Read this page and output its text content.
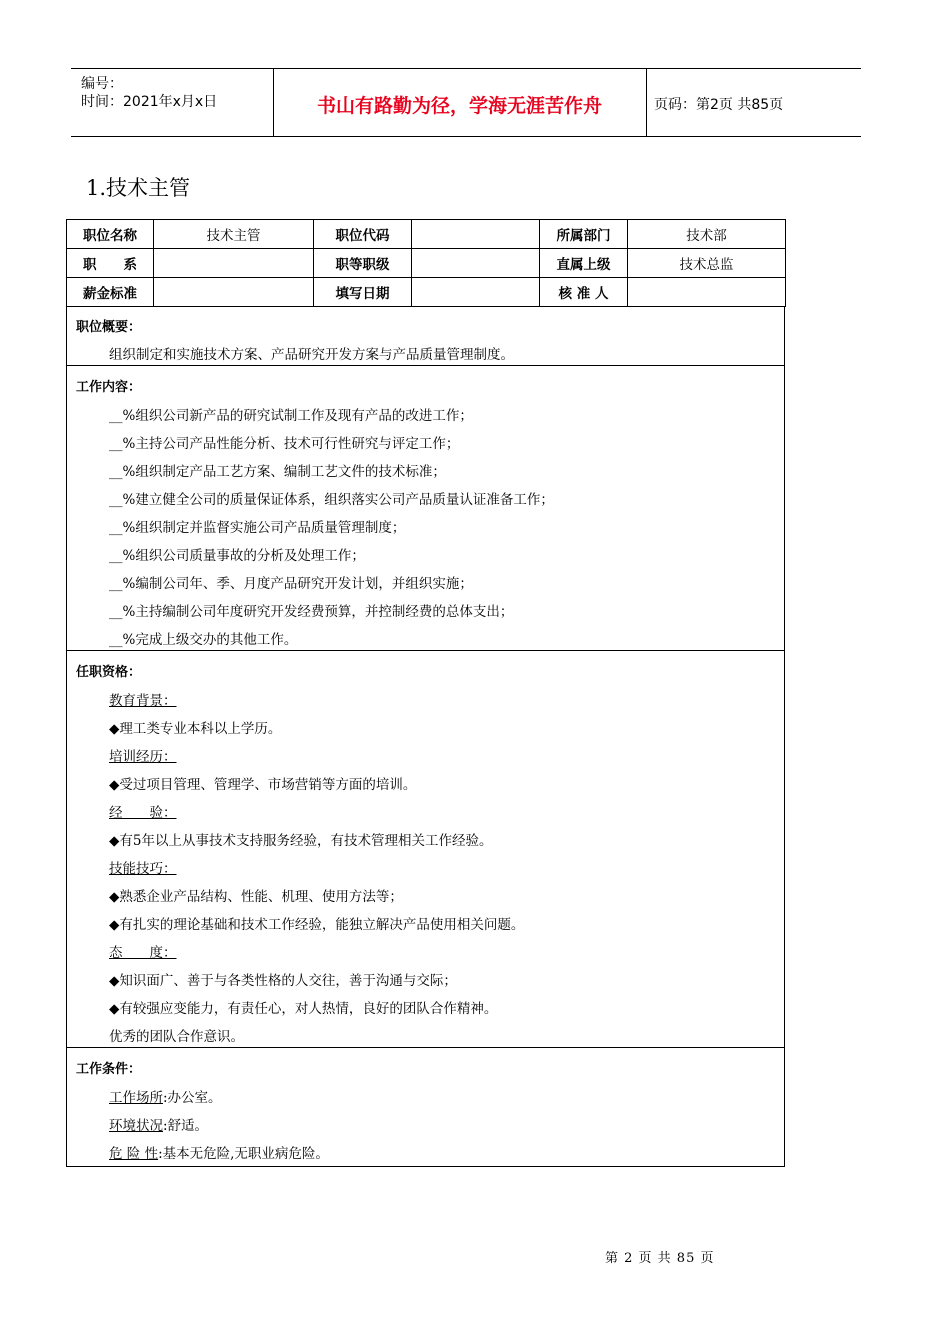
编号：
时间：2021年x月x日	书山有路勤为径，学海无涯苦作舟	页码：第2页 共85页
1.技术主管
职位名称	技术主管	职位代码		所属部门	技术部
职　　系		职等职级		直属上级	技术总监
薪金标准		填写日期		核 准 人	
职位概要：
组织制定和实施技术方案、产品研究开发方案与产品质量管理制度。
工作内容：
__%组织公司新产品的研究试制工作及现有产品的改进工作；
__%主持公司产品性能分析、技术可行性研究与评定工作；
__%组织制定产品工艺方案、编制工艺文件的技术标准；
__%建立健全公司的质量保证体系，组织落实公司产品质量认证准备工作；
__%组织制定并监督实施公司产品质量管理制度；
__%组织公司质量事故的分析及处理工作；
__%编制公司年、季、月度产品研究开发计划，并组织实施；
__%主持编制公司年度研究开发经费预算，并控制经费的总体支出；
__%完成上级交办的其他工作。
任职资格：
教育背景：
◆理工类专业本科以上学历。
培训经历：
◆受过项目管理、管理学、市场营销等方面的培训。
经　　验：
◆有5年以上从事技术支持服务经验，有技术管理相关工作经验。
技能技巧：
◆熟悉企业产品结构、性能、机理、使用方法等；
◆有扎实的理论基础和技术工作经验，能独立解决产品使用相关问题。
态　　度：
◆知识面广、善于与各类性格的人交往，善于沟通与交际；
◆有较强应变能力，有责任心，对人热情，良好的团队合作精神。
优秀的团队合作意识。
工作条件：
工作场所:办公室。
环境状况:舒适。
危 险 性:基本无危险,无职业病危险。
第 2 页 共 85 页
